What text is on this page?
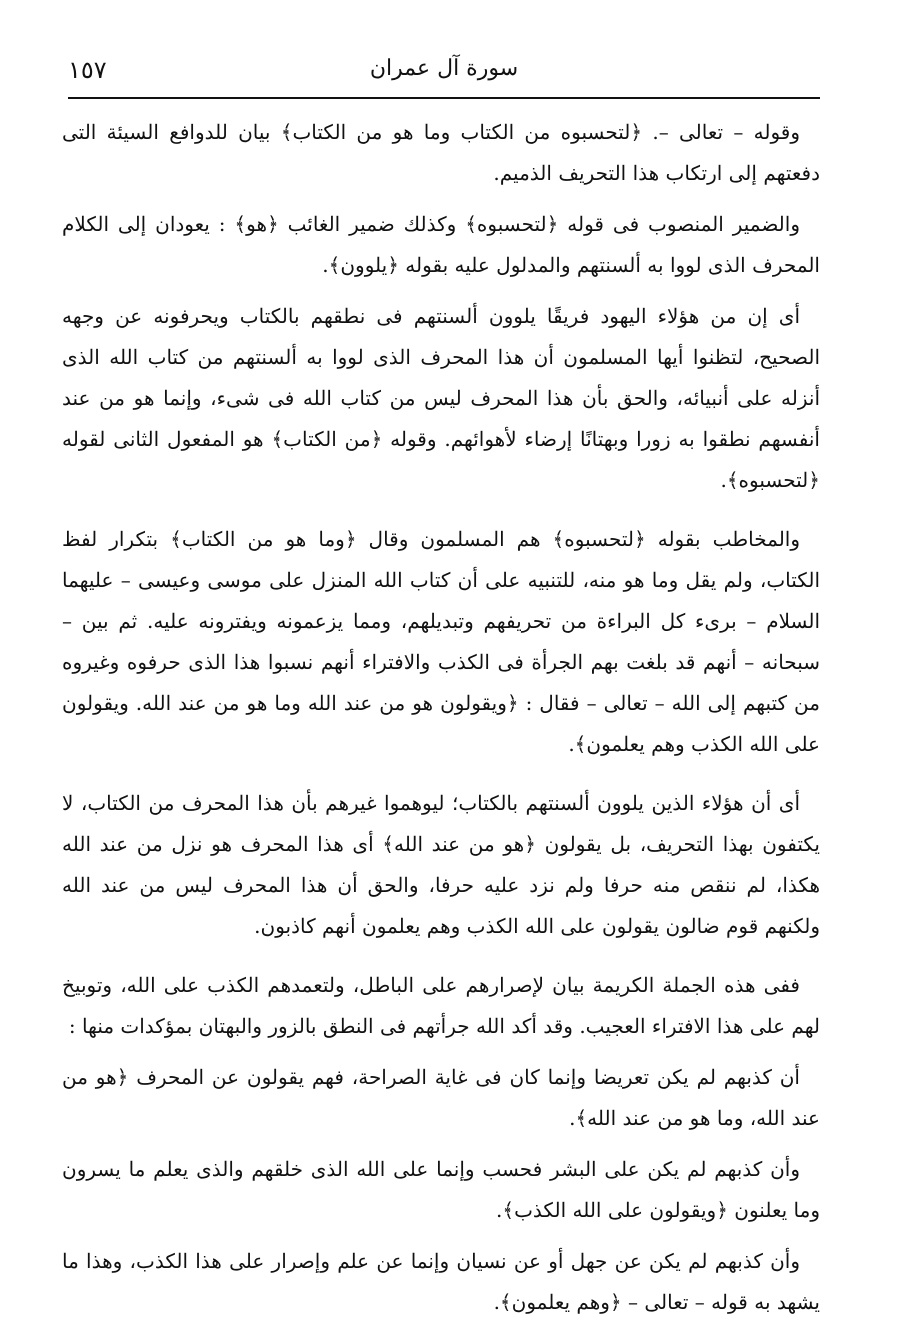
سورة آل عمران
١٥٧

وقوله – تعالى –. ﴿لتحسبوه من الكتاب وما هو من الكتاب﴾ بيان للدوافع السيئة التى دفعتهم إلى ارتكاب هذا التحريف الذميم.

والضمير المنصوب فى قوله ﴿لتحسبوه﴾ وكذلك ضمير الغائب ﴿هو﴾ : يعودان إلى الكلام المحرف الذى لووا به ألسنتهم والمدلول عليه بقوله ﴿يلوون﴾.

أى إن من هؤلاء اليهود فريقًا يلوون ألسنتهم فى نطقهم بالكتاب ويحرفونه عن وجهه الصحيح، لتظنوا أيها المسلمون أن هذا المحرف الذى لووا به ألسنتهم من كتاب الله الذى أنزله على أنبيائه، والحق بأن هذا المحرف ليس من كتاب الله فى شىء، وإنما هو من عند أنفسهم نطقوا به زورا وبهتانًا إرضاء لأهوائهم. وقوله ﴿من الكتاب﴾ هو المفعول الثانى لقوله ﴿لتحسبوه﴾.

والمخاطب بقوله ﴿لتحسبوه﴾ هم المسلمون وقال ﴿وما هو من الكتاب﴾ بتكرار لفظ الكتاب، ولم يقل وما هو منه، للتنبيه على أن كتاب الله المنزل على موسى وعيسى – عليهما السلام – برىء كل البراءة من تحريفهم وتبديلهم، ومما يزعمونه ويفترونه عليه. ثم بين – سبحانه – أنهم قد بلغت بهم الجرأة فى الكذب والافتراء أنهم نسبوا هذا الذى حرفوه وغيروه من كتبهم إلى الله – تعالى – فقال : ﴿ويقولون هو من عند الله وما هو من عند الله. ويقولون على الله الكذب وهم يعلمون﴾.

أى أن هؤلاء الذين يلوون ألسنتهم بالكتاب؛ ليوهموا غيرهم بأن هذا المحرف من الكتاب، لا يكتفون بهذا التحريف، بل يقولون ﴿هو من عند الله﴾ أى هذا المحرف هو نزل من عند الله هكذا، لم ننقص منه حرفا ولم نزد عليه حرفا، والحق أن هذا المحرف ليس من عند الله ولكنهم قوم ضالون يقولون على الله الكذب وهم يعلمون أنهم كاذبون.

ففى هذه الجملة الكريمة بيان لإصرارهم على الباطل، ولتعمدهم الكذب على الله، وتوبيخ لهم على هذا الافتراء العجيب. وقد أكد الله جرأتهم فى النطق بالزور والبهتان بمؤكدات منها :

أن كذبهم لم يكن تعريضا وإنما كان فى غاية الصراحة، فهم يقولون عن المحرف ﴿هو من عند الله، وما هو من عند الله﴾.

وأن كذبهم لم يكن على البشر فحسب وإنما على الله الذى خلقهم والذى يعلم ما يسرون وما يعلنون ﴿ويقولون على الله الكذب﴾.

وأن كذبهم لم يكن عن جهل أو عن نسيان وإنما عن علم وإصرار على هذا الكذب، وهذا ما يشهد به قوله – تعالى – ﴿وهم يعلمون﴾.
